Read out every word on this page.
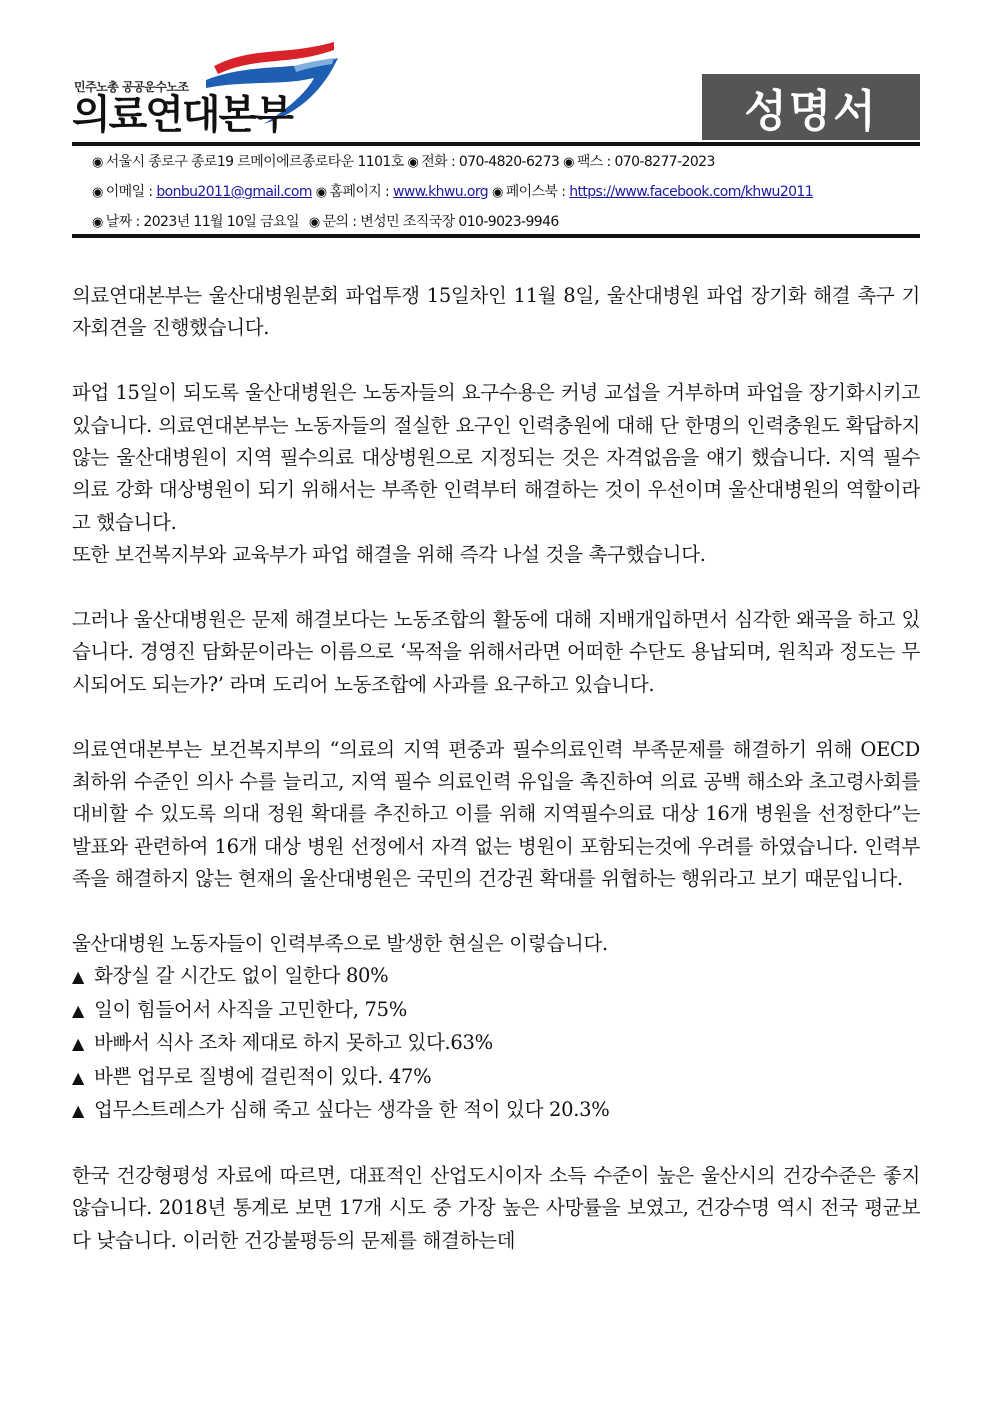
민주노총 공공운수노조
의료연대본부	성명서
◉ 서울시 종로구 종로19 르메이에르종로타운 1101호 ◉ 전화 : 070-4820-6273 ◉ 팩스 : 070-8277-2023
◉ 이메일 : bonbu2011@gmail.com ◉ 홈페이지 : www.khwu.org ◉ 페이스북 : https://www.facebook.com/khwu2011
◉ 날짜 : 2023년 11월 10일 금요일 ◉ 문의 : 변성민 조직국장 010-9023-9946

의료연대본부는 울산대병원분회 파업투쟁 15일차인 11월 8일, 울산대병원 파업 장기화 해결 촉구 기자회견을 진행했습니다.

파업 15일이 되도록 울산대병원은 노동자들의 요구수용은 커녕 교섭을 거부하며 파업을 장기화시키고 있습니다. 의료연대본부는 노동자들의 절실한 요구인 인력충원에 대해 단 한명의 인력충원도 확답하지 않는 울산대병원이 지역 필수의료 대상병원으로 지정되는 것은 자격없음을 얘기 했습니다. 지역 필수의료 강화 대상병원이 되기 위해서는 부족한 인력부터 해결하는 것이 우선이며 울산대병원의 역할이라고 했습니다.

또한 보건복지부와 교육부가 파업 해결을 위해 즉각 나설 것을 촉구했습니다.

그러나 울산대병원은 문제 해결보다는 노동조합의 활동에 대해 지배개입하면서 심각한 왜곡을 하고 있습니다. 경영진 담화문이라는 이름으로 ‘목적을 위해서라면 어떠한 수단도 용납되며, 원칙과 정도는 무시되어도 되는가?’ 라며 도리어 노동조합에 사과를 요구하고 있습니다.

의료연대본부는 보건복지부의 “의료의 지역 편중과 필수의료인력 부족문제를 해결하기 위해 OECD 최하위 수준인 의사 수를 늘리고, 지역 필수 의료인력 유입을 촉진하여 의료 공백 해소와 초고령사회를 대비할 수 있도록 의대 정원 확대를 추진하고 이를 위해 지역필수의료 대상 16개 병원을 선정한다”는 발표와 관련하여 16개 대상 병원 선정에서 자격 없는 병원이 포함되는것에 우려를 하였습니다. 인력부족을 해결하지 않는 현재의 울산대병원은 국민의 건강권 확대를 위협하는 행위라고 보기 때문입니다.

울산대병원 노동자들이 인력부족으로 발생한 현실은 이렇습니다.

▲ 화장실 갈 시간도 없이 일한다 80%
▲ 일이 힘들어서 사직을 고민한다, 75%
▲ 바빠서 식사 조차 제대로 하지 못하고 있다.63%
▲ 바쁜 업무로 질병에 걸린적이 있다. 47%
▲ 업무스트레스가 심해 죽고 싶다는 생각을 한 적이 있다 20.3%

한국 건강형평성 자료에 따르면, 대표적인 산업도시이자 소득 수준이 높은 울산시의 건강수준은 좋지 않습니다. 2018년 통계로 보면 17개 시도 중 가장 높은 사망률을 보였고, 건강수명 역시 전국 평균보다 낮습니다. 이러한 건강불평등의 문제를 해결하는데
